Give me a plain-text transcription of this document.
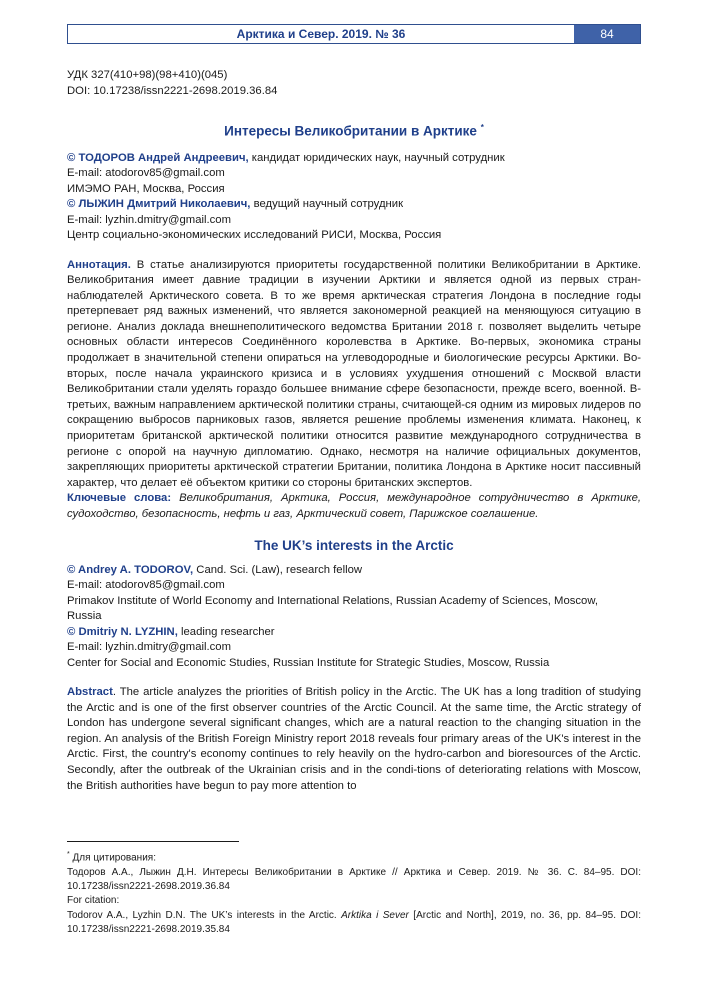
Арктика и Север. 2019. № 36	84

УДК 327(410+98)(98+410)(045)

DOI: 10.17238/issn2221-2698.2019.36.84

Интересы Великобритании в Арктике *

© ТОДОРОВ Андрей Андреевич, кандидат юридических наук, научный сотрудник

E-mail: atodorov85@gmail.com

ИМЭМО РАН, Москва, Россия

© ЛЫЖИН Дмитрий Николаевич, ведущий научный сотрудник

E-mail: lyzhin.dmitry@gmail.com

Центр социально-экономических исследований РИСИ, Москва, Россия

Аннотация. В статье анализируются приоритеты государственной политики Великобритании в Арктике. Великобритания имеет давние традиции в изучении Арктики и является одной из первых стран-наблюдателей Арктического совета. В то же время арктическая стратегия Лондона в последние годы претерпевает ряд важных изменений, что является закономерной реакцией на меняющуюся ситуацию в регионе. Анализ доклада внешнеполитического ведомства Британии 2018 г. позволяет выделить четыре основных области интересов Соединённого королевства в Арктике. Во-первых, экономика страны продолжает в значительной степени опираться на углеводородные и биологические ресурсы Арктики. Во-вторых, после начала украинского кризиса и в условиях ухудшения отношений с Москвой власти Великобритании стали уделять гораздо большее внимание сфере безопасности, прежде всего, военной. В-третьих, важным направлением арктической политики страны, считающей-ся одним из мировых лидеров по сокращению выбросов парниковых газов, является решение проблемы изменения климата. Наконец, к приоритетам британской арктической политики относится развитие международного сотрудничества в регионе с опорой на научную дипломатию. Однако, несмотря на наличие официальных документов, закрепляющих приоритеты арктической стратегии Британии, политика Лондона в Арктике носит пассивный характер, что делает её объектом критики со стороны британских экспертов.

Ключевые слова: Великобритания, Арктика, Россия, международное сотрудничество в Арктике, судоходство, безопасность, нефть и газ, Арктический совет, Парижское соглашение.

The UK’s interests in the Arctic

© Andrey A. TODOROV, Cand. Sci. (Law), research fellow

E-mail: atodorov85@gmail.com

Primakov Institute of World Economy and International Relations, Russian Academy of Sciences, Moscow,

Russia

© Dmitriy N. LYZHIN, leading researcher

E-mail: lyzhin.dmitry@gmail.com

Center for Social and Economic Studies, Russian Institute for Strategic Studies, Moscow, Russia

Abstract. The article analyzes the priorities of British policy in the Arctic. The UK has a long tradition of studying the Arctic and is one of the first observer countries of the Arctic Council. At the same time, the Arctic strategy of London has undergone several significant changes, which are a natural reaction to the changing situation in the region. An analysis of the British Foreign Ministry report 2018 reveals four primary areas of the UK's interest in the Arctic. First, the country's economy continues to rely heavily on the hydro-carbon and bioresources of the Arctic. Secondly, after the outbreak of the Ukrainian crisis and in the condi-tions of deteriorating relations with Moscow, the British authorities have begun to pay more attention to

* Для цитирования:

Тодоров А.А., Лыжин Д.Н. Интересы Великобритании в Арктике // Арктика и Север. 2019. № 36. С. 84–95. DOI: 10.17238/issn2221-2698.2019.36.84

For citation:

Todorov A.A., Lyzhin D.N. The UK’s interests in the Arctic. Arktika i Sever [Arctic and North], 2019, no. 36, pp. 84–95. DOI: 10.17238/issn2221-2698.2019.35.84
